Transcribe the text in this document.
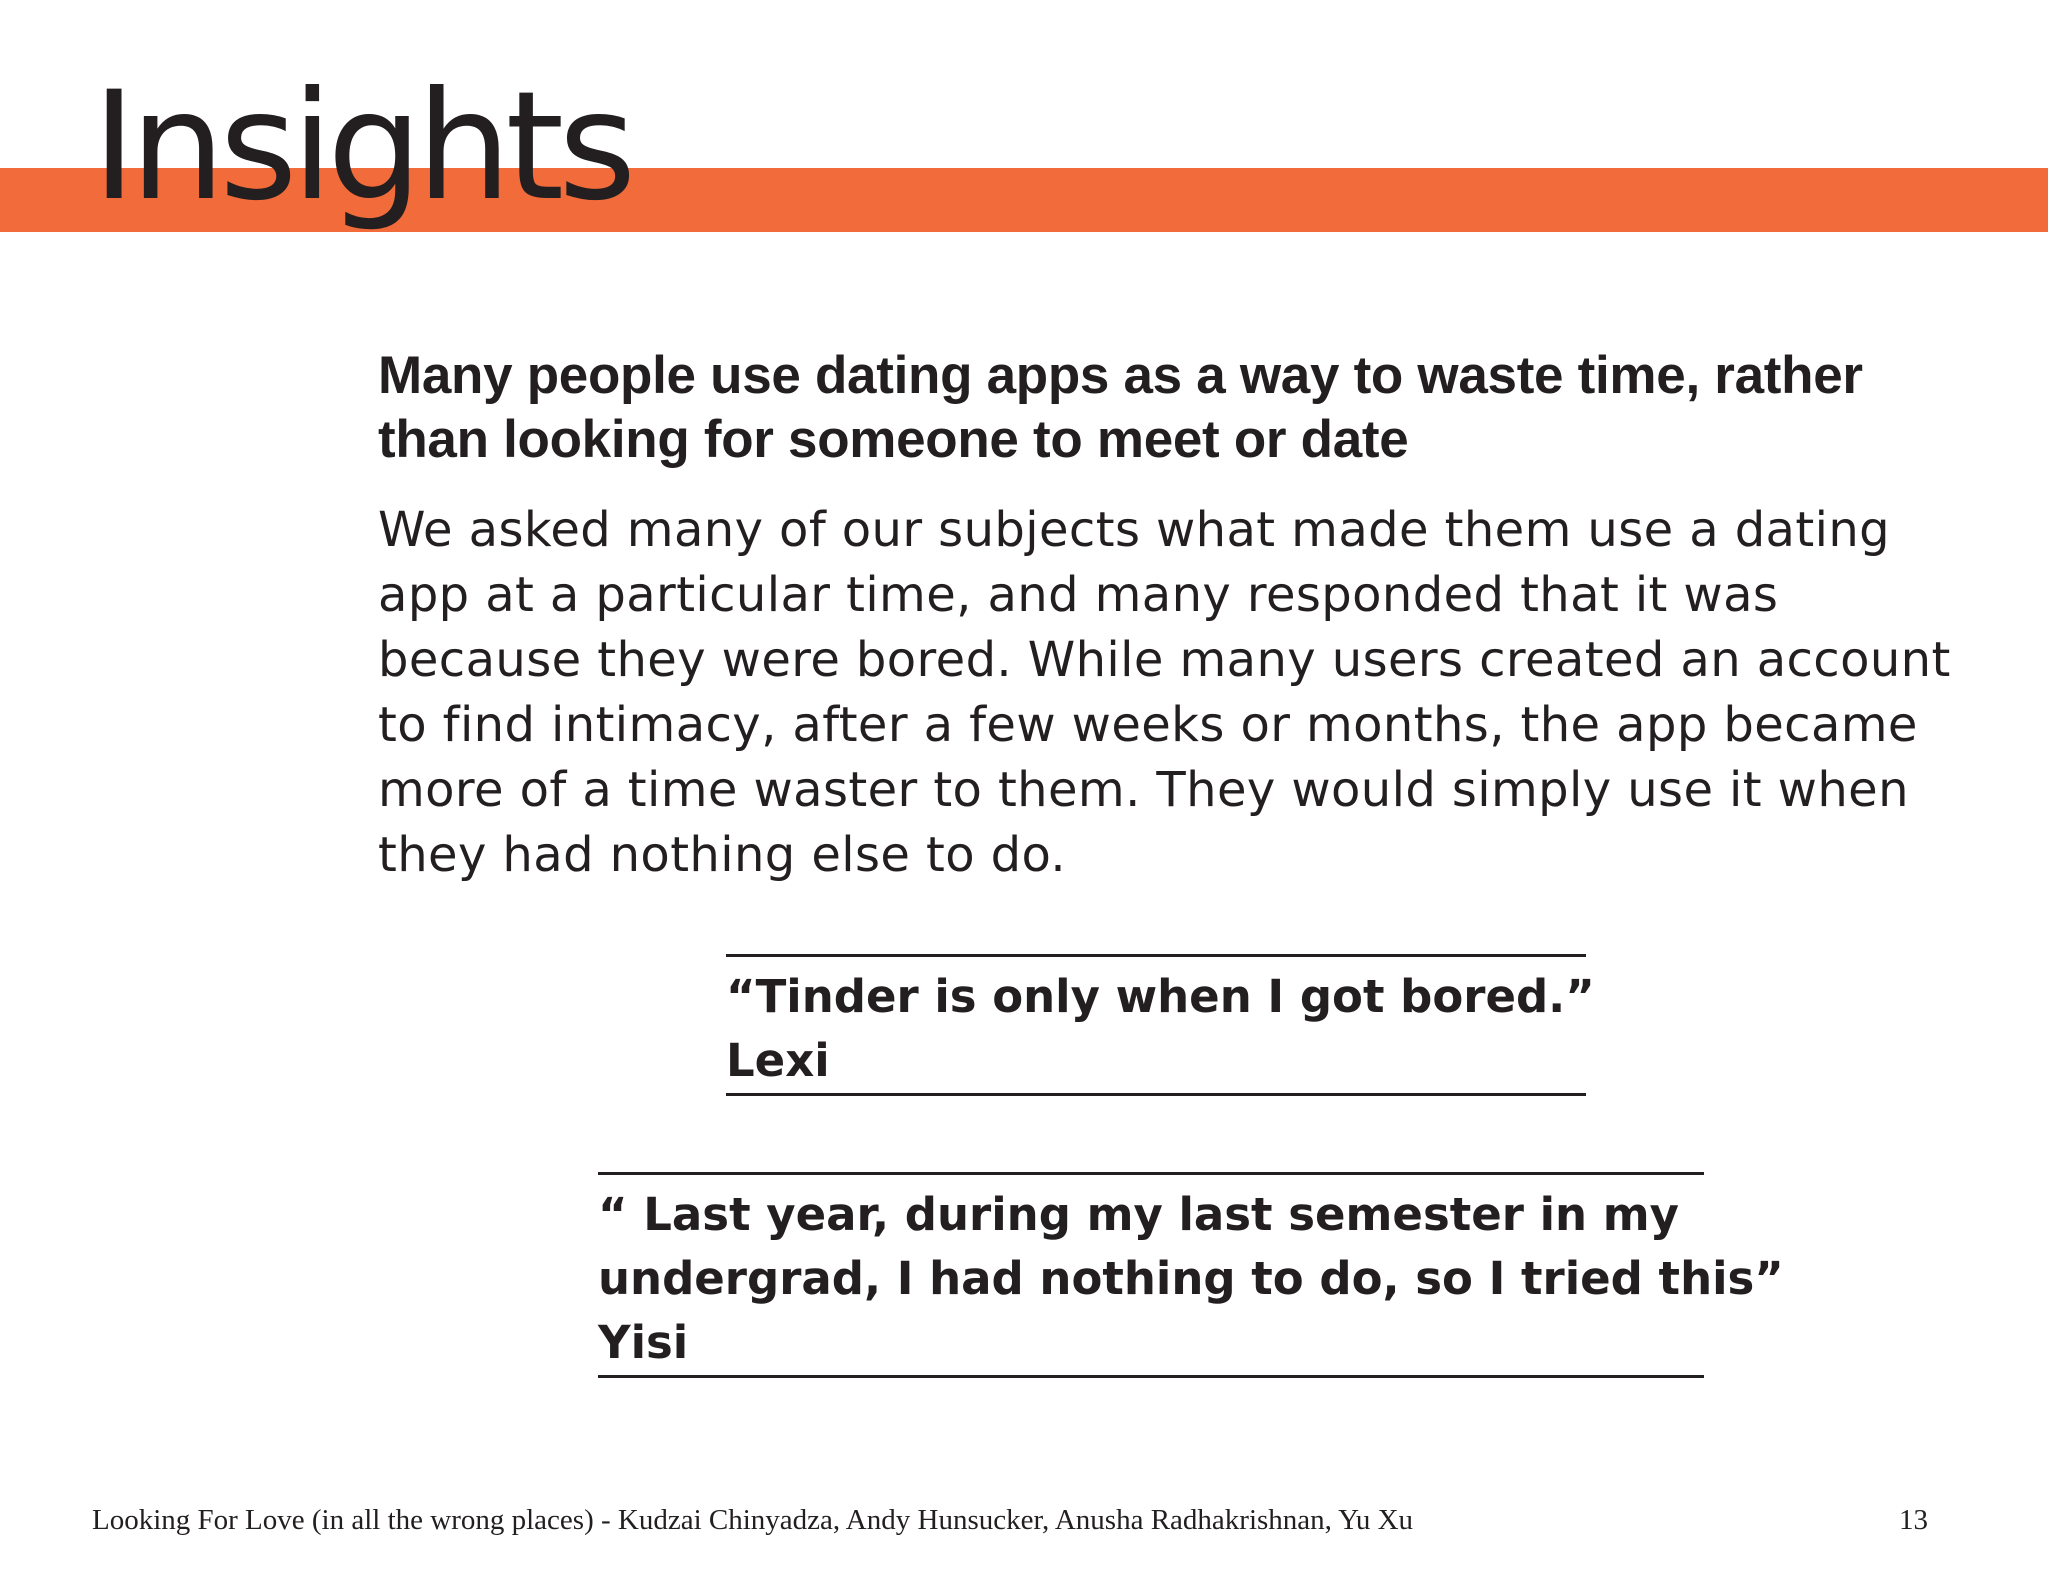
Insights
Many people use dating apps as a way to waste time, rather than looking for someone to meet or date

We asked many of our subjects what made them use a dating app at a particular time, and many responded that it was because they were bored. While many users created an account to find intimacy, after a few weeks or months, the app became more of a time waster to them. They would simply use it when they had nothing else to do.

“Tinder is only when I got bored.”
Lexi
“ Last year, during my last semester in my
undergrad, I had nothing to do, so I tried this”
Yisi
Looking For Love (in all the wrong places) - Kudzai Chinyadza, Andy Hunsucker, Anusha Radhakrishnan, Yu Xu	13
